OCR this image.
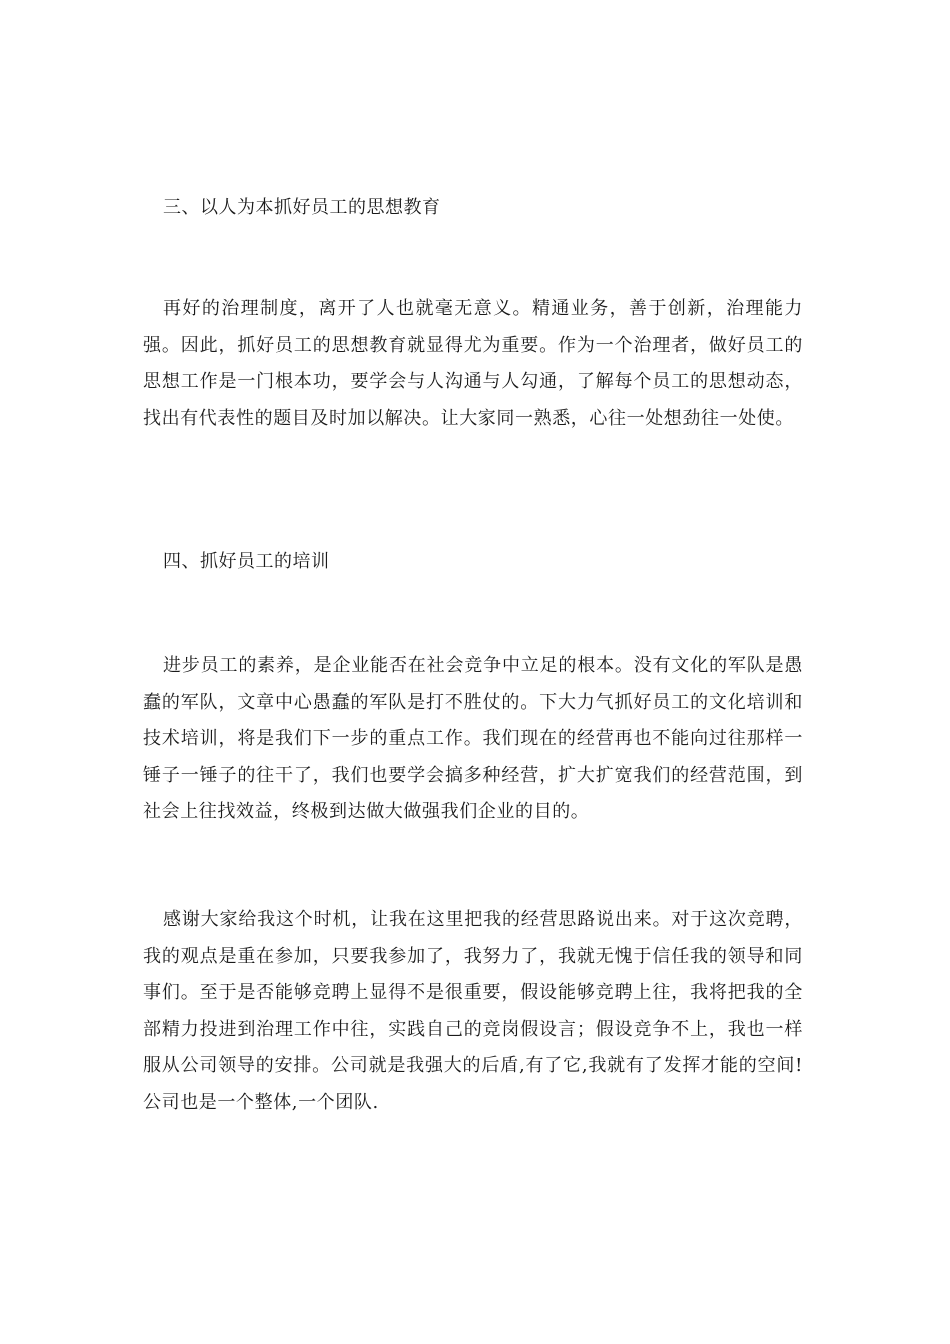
三、以人为本抓好员工的思想教育

再好的治理制度，离开了人也就毫无意义。精通业务，善于创新，治理能力强。因此，抓好员工的思想教育就显得尤为重要。作为一个治理者，做好员工的思想工作是一门根本功，要学会与人沟通与人勾通，了解每个员工的思想动态，找出有代表性的题目及时加以解决。让大家同一熟悉，心往一处想劲往一处使。

四、抓好员工的培训

进步员工的素养，是企业能否在社会竞争中立足的根本。没有文化的军队是愚蠢的军队，文章中心愚蠢的军队是打不胜仗的。下大力气抓好员工的文化培训和技术培训，将是我们下一步的重点工作。我们现在的经营再也不能向过往那样一锤子一锤子的往干了，我们也要学会搞多种经营，扩大扩宽我们的经营范围，到社会上往找效益，终极到达做大做强我们企业的目的。

感谢大家给我这个时机，让我在这里把我的经营思路说出来。对于这次竞聘，我的观点是重在参加，只要我参加了，我努力了，我就无愧于信任我的领导和同事们。至于是否能够竞聘上显得不是很重要，假设能够竞聘上往，我将把我的全部精力投进到治理工作中往，实践自己的竞岗假设言；假设竞争不上，我也一样服从公司领导的安排。公司就是我强大的后盾,有了它,我就有了发挥才能的空间!公司也是一个整体,一个团队.
